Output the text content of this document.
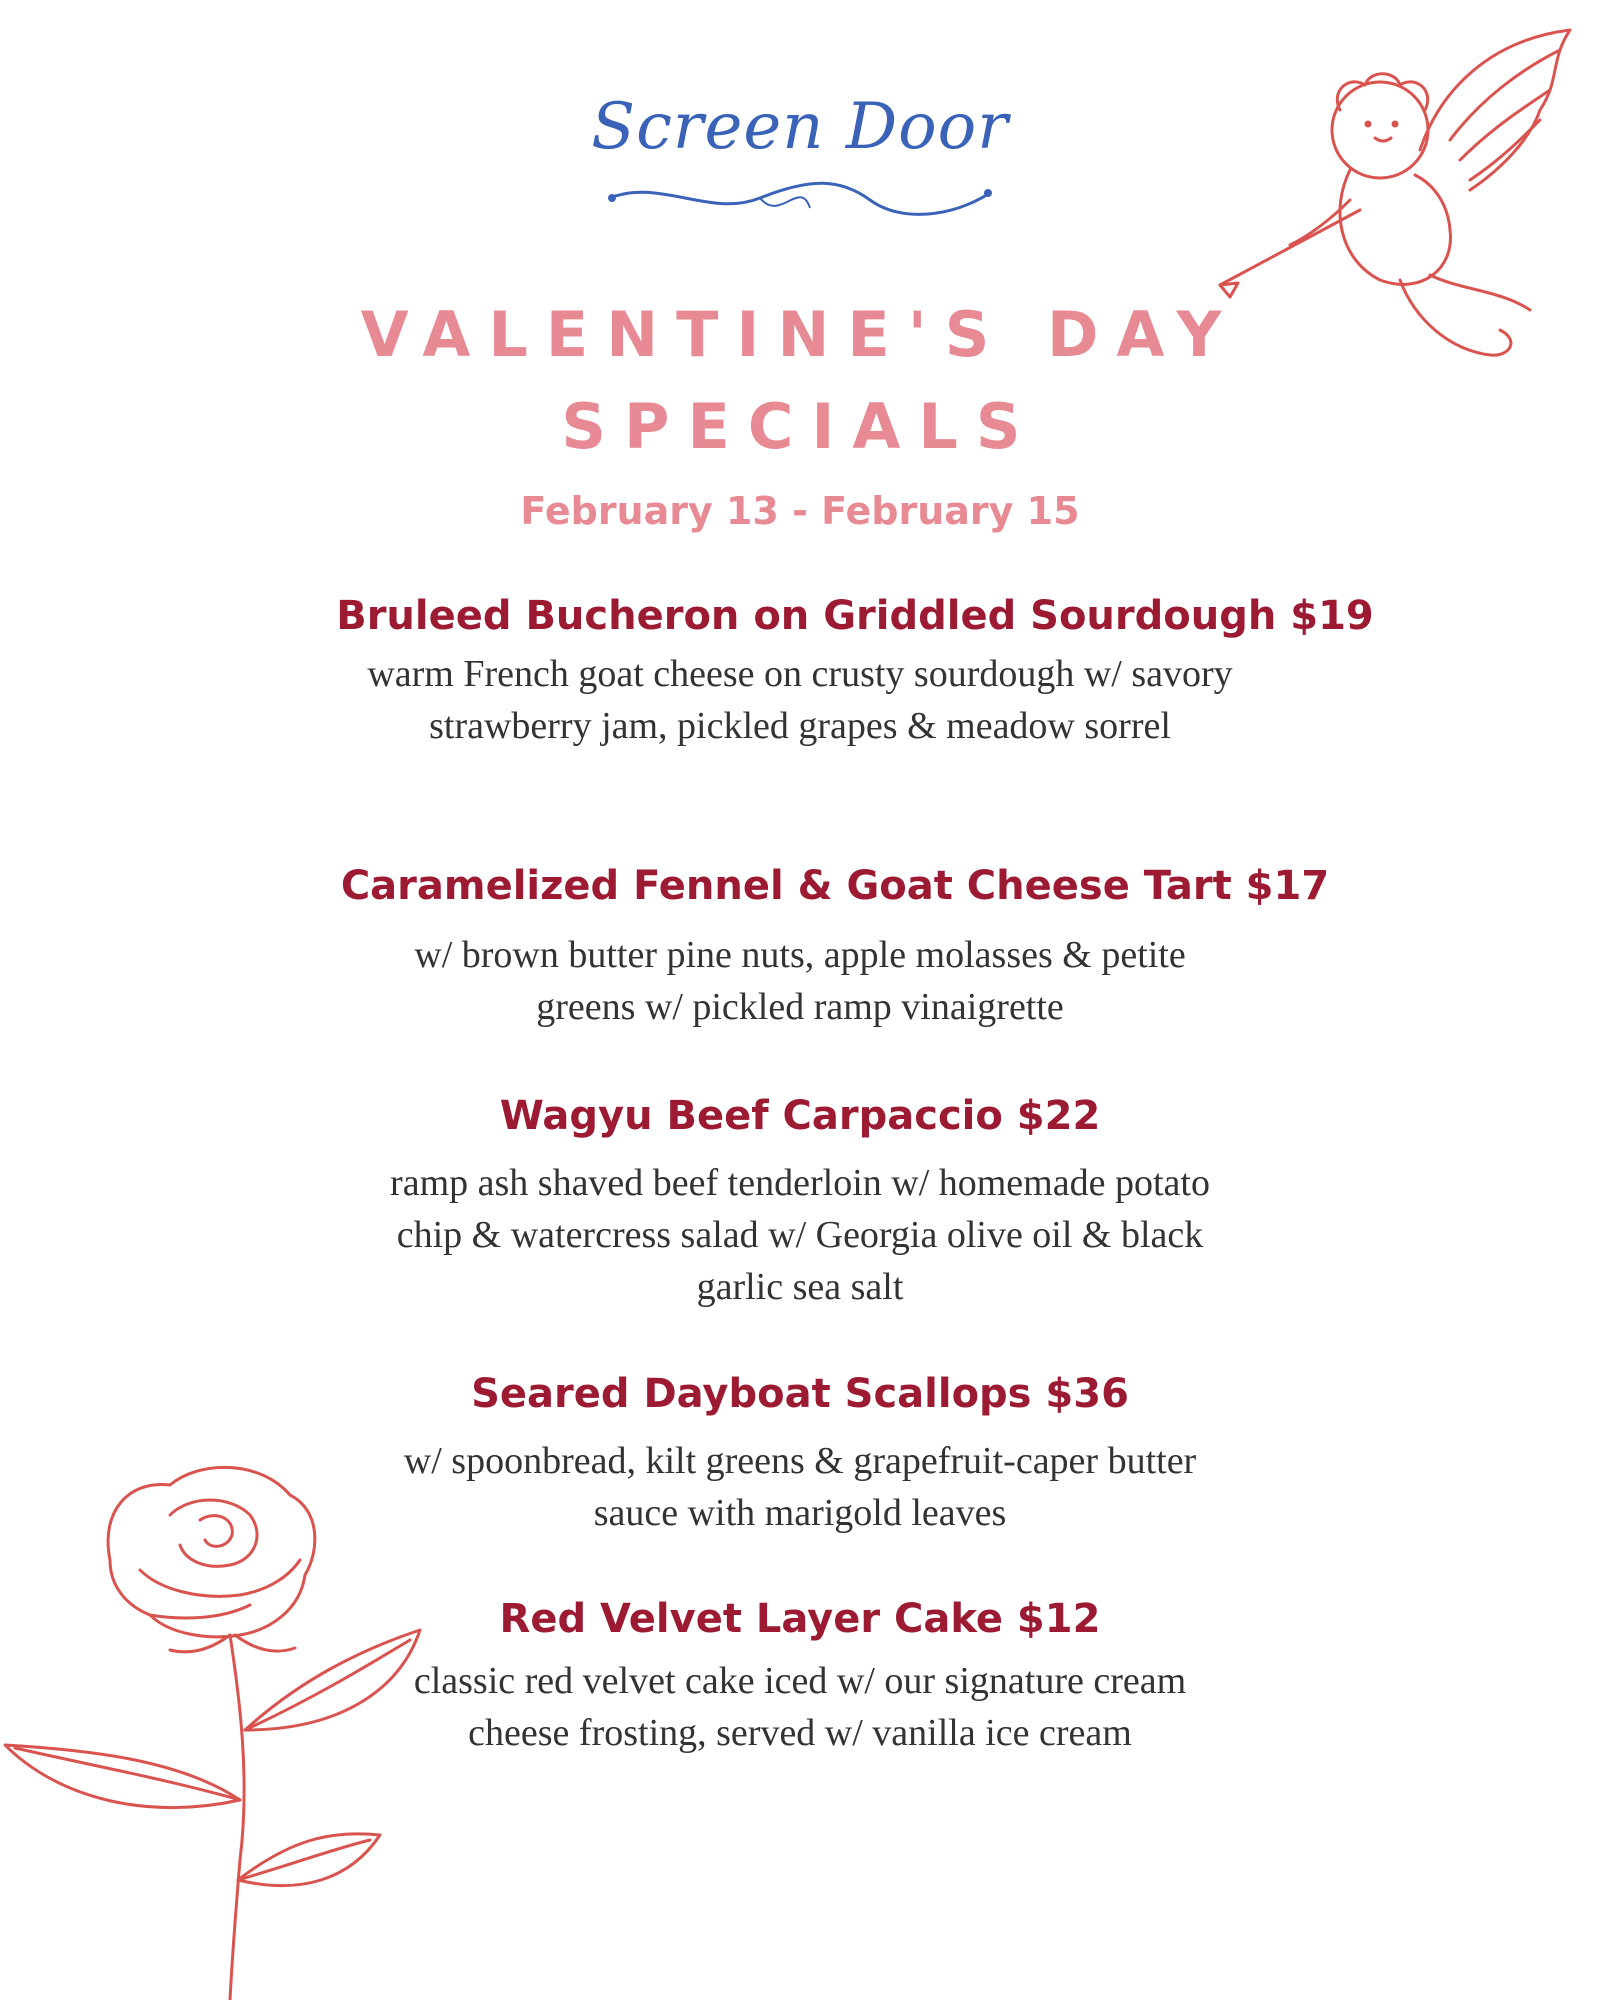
Screen Door
VALENTINE'S DAY
SPECIALS
February 13 - February 15
Bruleed Bucheron on Griddled Sourdough $19
warm French goat cheese on crusty sourdough w/ savory strawberry jam, pickled grapes & meadow sorrel
Caramelized Fennel & Goat Cheese Tart $17
w/ brown butter pine nuts, apple molasses & petite greens w/ pickled ramp vinaigrette
Wagyu Beef Carpaccio $22
ramp ash shaved beef tenderloin w/ homemade potato chip & watercress salad w/ Georgia olive oil & black garlic sea salt
Seared Dayboat Scallops $36
w/ spoonbread, kilt greens & grapefruit-caper butter sauce with marigold leaves
Red Velvet Layer Cake $12
classic red velvet cake iced w/ our signature cream cheese frosting, served w/ vanilla ice cream
